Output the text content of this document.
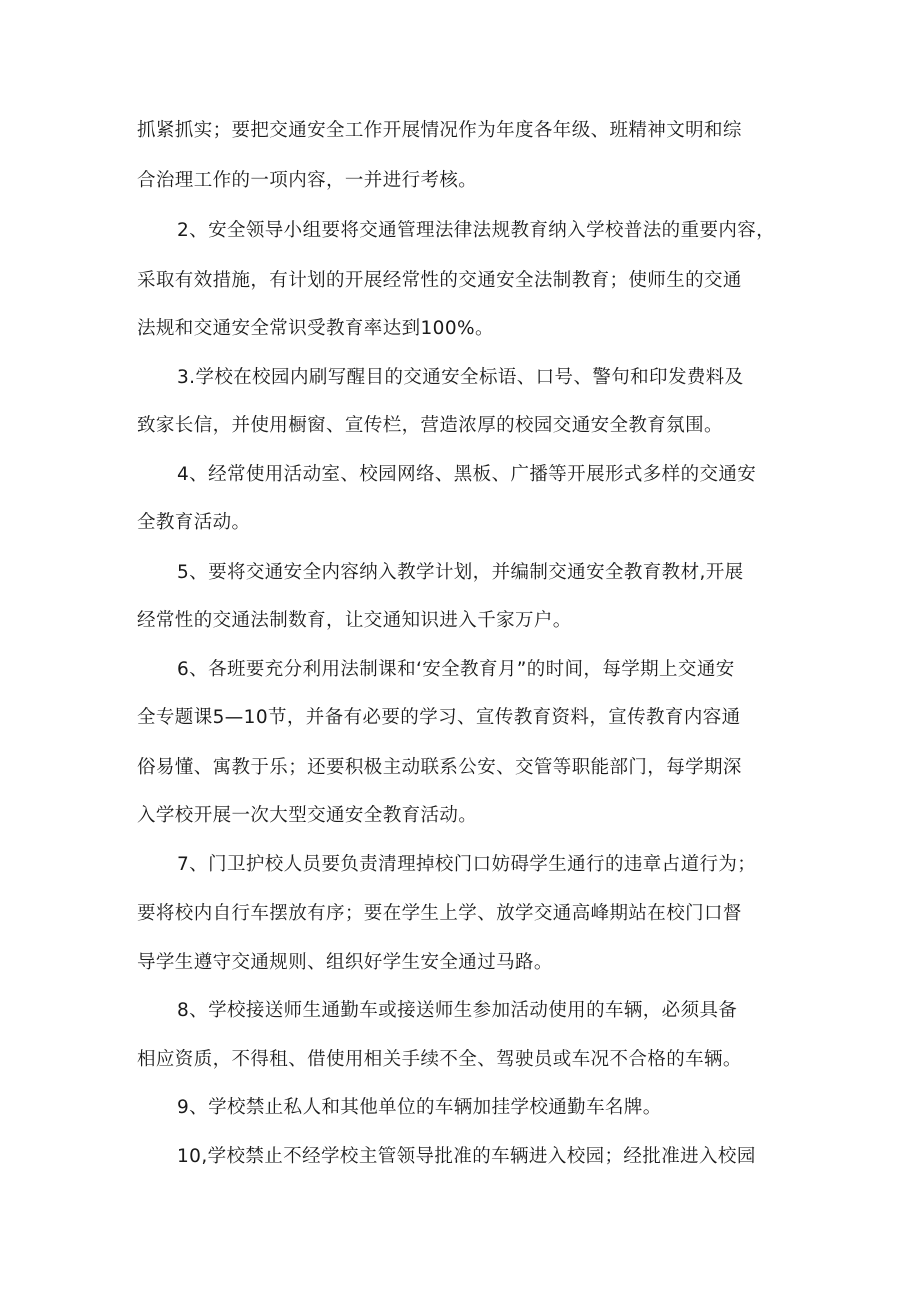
抓紧抓实；要把交通安全工作开展情况作为年度各年级、班精神文明和综
合治理工作的一项内容，一并进行考核。
2、安全领导小组要将交通管理法律法规教育纳入学校普法的重要内容，
采取有效措施，有计划的开展经常性的交通安全法制教育；使师生的交通
法规和交通安全常识受教育率达到100%。
3.学校在校园内刷写醒目的交通安全标语、口号、警句和印发费料及
致家长信，并使用橱窗、宣传栏，营造浓厚的校园交通安全教育氛围。
4、经常使用活动室、校园网络、黑板、广播等开展形式多样的交通安
全教育活动。
5、要将交通安全内容纳入教学计划，并编制交通安全教育教材,开展
经常性的交通法制数育，让交通知识进入千家万户。
6、各班要充分利用法制课和‘安全教育月”的时间，每学期上交通安
全专题课5—10节，并备有必要的学习、宣传教育资料，宣传教育内容通
俗易懂、寓教于乐；还要积极主动联系公安、交管等职能部门，每学期深
入学校开展一次大型交通安全教育活动。
7、门卫护校人员要负责清理掉校门口妨碍学生通行的违章占道行为；
要将校内自行车摆放有序；要在学生上学、放学交通高峰期站在校门口督
导学生遵守交通规则、组织好学生安全通过马路。
8、学校接送师生通勤车或接送师生参加活动使用的车辆，必须具备
相应资质，不得租、借使用相关手续不全、驾驶员或车况不合格的车辆。
9、学校禁止私人和其他单位的车辆加挂学校通勤车名牌。
10,学校禁止不经学校主管领导批准的车辆进入校园；经批准进入校园
